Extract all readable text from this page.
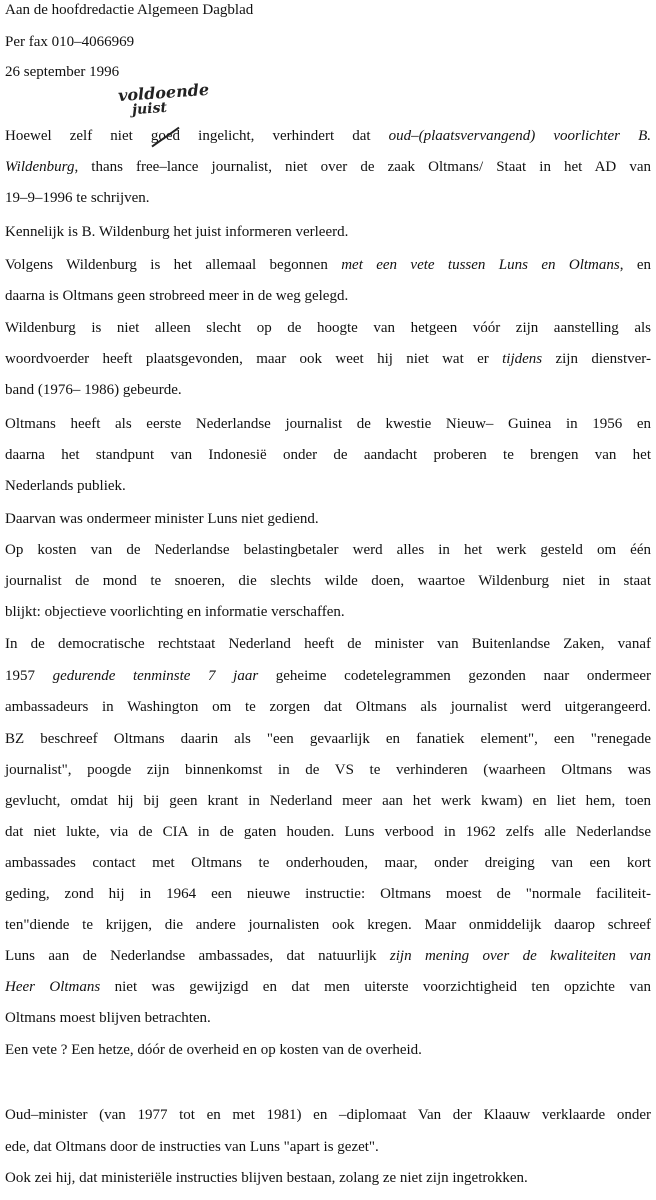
Aan de hoofdredactie Algemeen Dagblad
Per fax 010–4066969
26 september 1996
voldoende
juist
Hoewel zelf niet goed ingelicht, verhindert dat oud–(plaatsvervangend) voorlichter B.
Wildenburg, thans free–lance journalist, niet over de zaak Oltmans/ Staat in het AD van
19–9–1996 te schrijven.
Kennelijk is B. Wildenburg het juist informeren verleerd.
Volgens Wildenburg is het allemaal begonnen met een vete tussen Luns en Oltmans, en
daarna is Oltmans geen strobreed meer in de weg gelegd.
Wildenburg is niet alleen slecht op de hoogte van hetgeen vóór zijn aanstelling als
woordvoerder heeft plaatsgevonden, maar ook weet hij niet wat er tijdens zijn dienstver-
band (1976– 1986) gebeurde.
Oltmans heeft als eerste Nederlandse journalist de kwestie Nieuw– Guinea in 1956 en
daarna het standpunt van Indonesië onder de aandacht proberen te brengen van het
Nederlands publiek.
Daarvan was ondermeer minister Luns niet gediend.
Op kosten van de Nederlandse belastingbetaler werd alles in het werk gesteld om één
journalist de mond te snoeren, die slechts wilde doen, waartoe Wildenburg niet in staat
blijkt: objectieve voorlichting en informatie verschaffen.
In de democratische rechtstaat Nederland heeft de minister van Buitenlandse Zaken, vanaf
1957 gedurende tenminste 7 jaar geheime codetelegrammen gezonden naar ondermeer
ambassadeurs in Washington om te zorgen dat Oltmans als journalist werd uitgerangeerd.
BZ beschreef Oltmans daarin als "een gevaarlijk en fanatiek element", een "renegade
journalist", poogde zijn binnenkomst in de VS te verhinderen (waarheen Oltmans was
gevlucht, omdat hij bij geen krant in Nederland meer aan het werk kwam) en liet hem, toen
dat niet lukte, via de CIA in de gaten houden. Luns verbood in 1962 zelfs alle Nederlandse
ambassades contact met Oltmans te onderhouden, maar, onder dreiging van een kort
geding, zond hij in 1964 een nieuwe instructie: Oltmans moest de "normale faciliteit-
ten"diende te krijgen, die andere journalisten ook kregen. Maar onmiddelijk daarop schreef
Luns aan de Nederlandse ambassades, dat natuurlijk zijn mening over de kwaliteiten van
Heer Oltmans niet was gewijzigd en dat men uiterste voorzichtigheid ten opzichte van
Oltmans moest blijven betrachten.
Een vete ? Een hetze, dóór de overheid en op kosten van de overheid.
Oud–minister (van 1977 tot en met 1981) en –diplomaat Van der Klaauw verklaarde onder
ede, dat Oltmans door de instructies van Luns "apart is gezet".
Ook zei hij, dat ministeriële instructies blijven bestaan, zolang ze niet zijn ingetrokken.
